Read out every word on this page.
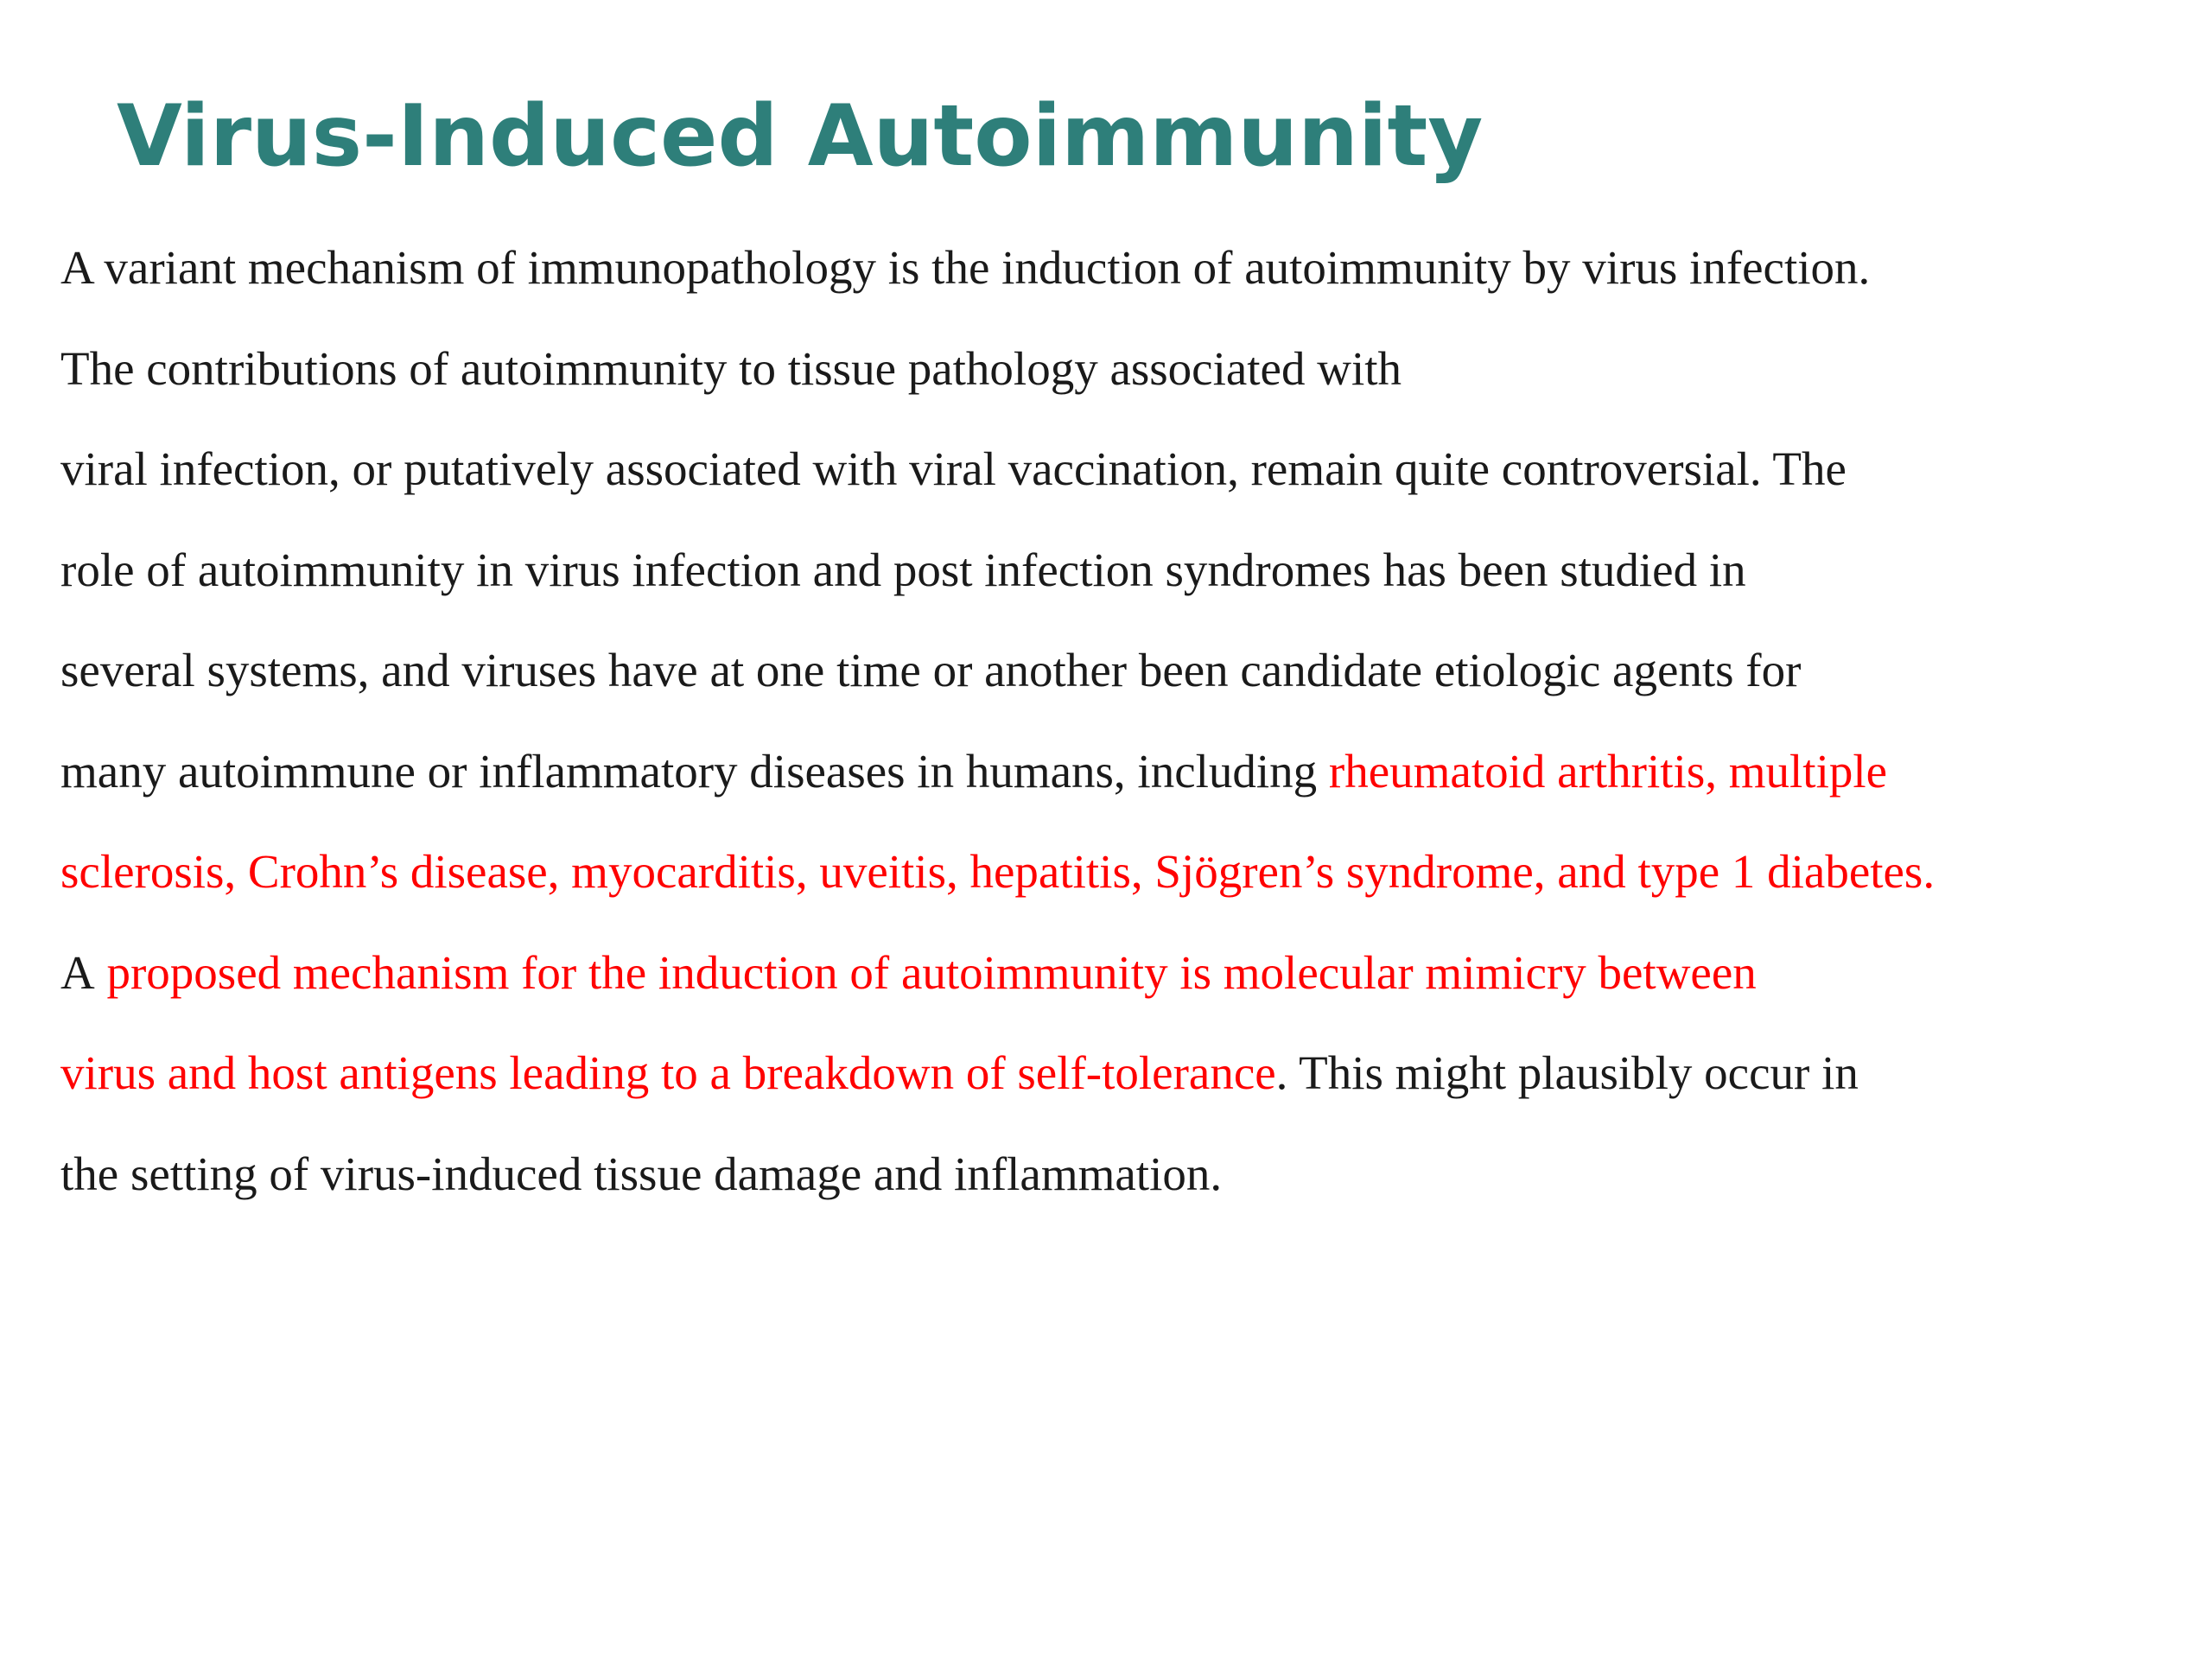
Virus-Induced Autoimmunity
A variant mechanism of immunopathology is the induction of autoimmunity by virus infection.
The contributions of autoimmunity to tissue pathology associated with
viral infection, or putatively associated with viral vaccination, remain quite controversial. The
role of autoimmunity in virus infection and post infection syndromes has been studied in
several systems, and viruses have at one time or another been candidate etiologic agents for
many autoimmune or inflammatory diseases in humans, including rheumatoid arthritis, multiple
sclerosis, Crohn’s disease, myocarditis, uveitis, hepatitis, Sjögren’s syndrome, and type 1 diabetes.
A proposed mechanism for the induction of autoimmunity is molecular mimicry between
virus and host antigens leading to a breakdown of self-tolerance. This might plausibly occur in
the setting of virus-induced tissue damage and inflammation.
